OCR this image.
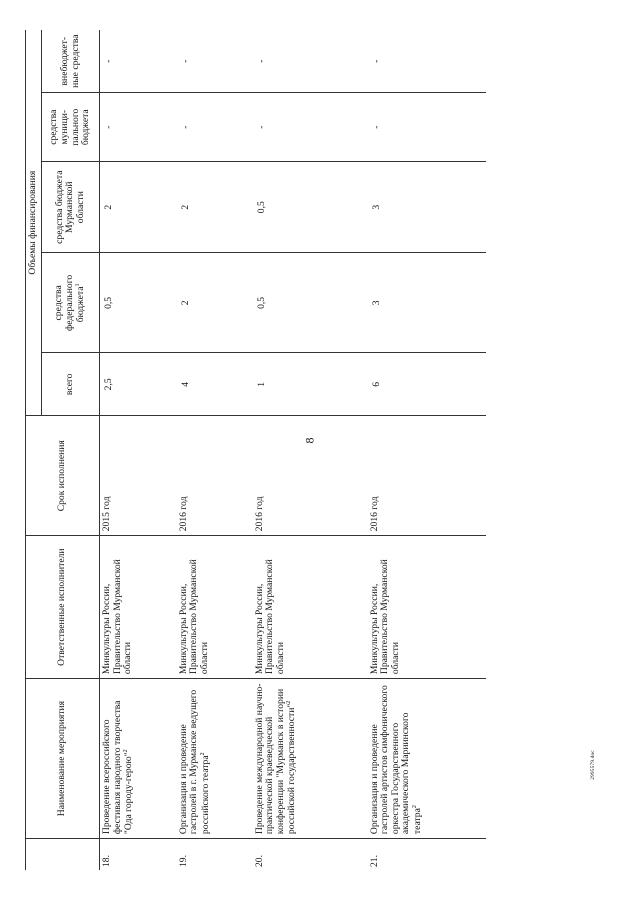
8
	Наименование мероприятия	Ответственные исполнители	Срок исполнения	Объемы финансирования				
				всего	средства федерального бюджета$^1$	средства бюджета Мурманской области	средства муници-пального бюджета	внебюджет-ные средства
18.	Проведение всероссийского фестиваля народного творчества "Ода городу-герою"$^2$	Минкультуры России, Правительство Мурманской области	2015 год	2,5	0,5	2	-	-
19.	Организация и проведение гастролей в г. Мурманске ведущего российского театра$^2$	Минкультуры России, Правительство Мурманской области	2016 год	4	2	2	-	-
20.	Проведение международной научно-практической краеведческой конференции "Мурманск в истории российской государственности"$^2$	Минкультуры России, Правительство Мурманской области	2016 год	1	0,5	0,5	-	-
21.	Организация и проведение гастролей артистов симфонического оркестра Государственного академического Мариинского театра$^2$	Минкультуры России, Правительство Мурманской области	2016 год	6	3	3	-	-
2995579.doc
